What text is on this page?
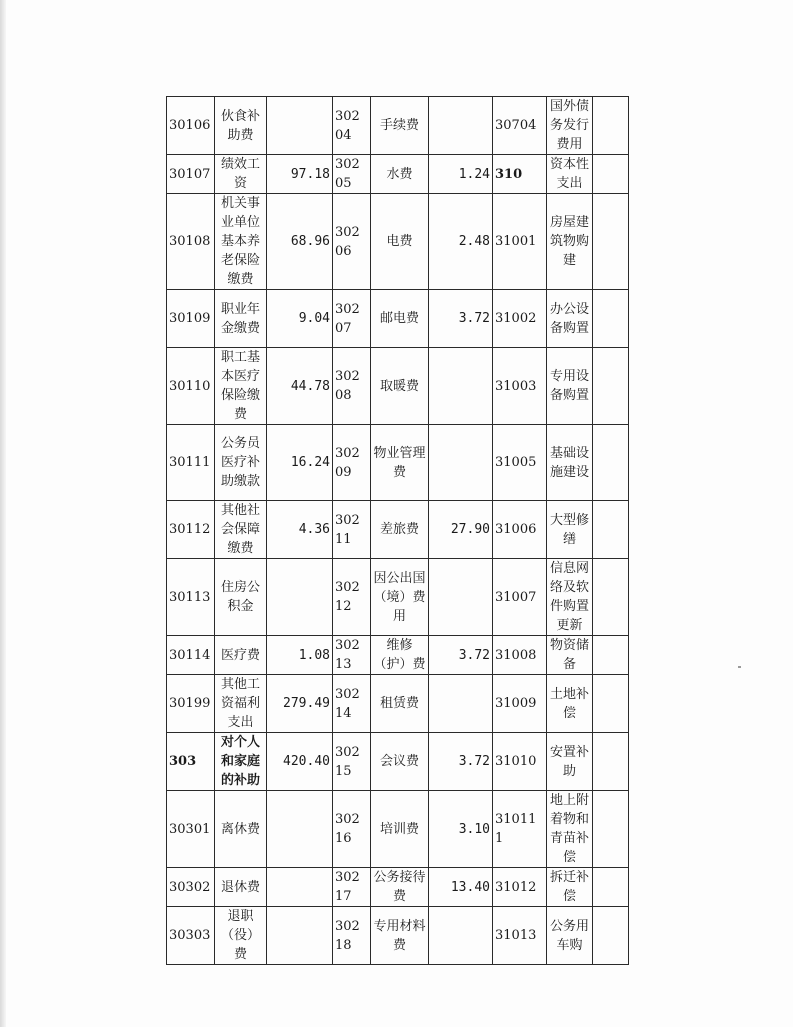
30106	伙食补助费		30204	手续费		30704	国外债务发行费用	
30107	绩效工资	97.18	30205	水费	1.24	310	资本性支出	
30108	机关事业单位基本养老保险缴费	68.96	30206	电费	2.48	31001	房屋建筑物购建	
30109	职业年金缴费	9.04	30207	邮电费	3.72	31002	办公设备购置	
30110	职工基本医疗保险缴费	44.78	30208	取暖费		31003	专用设备购置	
30111	公务员医疗补助缴款	16.24	30209	物业管理费		31005	基础设施建设	
30112	其他社会保障缴费	4.36	30211	差旅费	27.90	31006	大型修缮	
30113	住房公积金		30212	因公出国（境）费用		31007	信息网络及软件购置更新	
30114	医疗费	1.08	30213	维修（护）费	3.72	31008	物资储备	
30199	其他工资福利支出	279.49	30214	租赁费		31009	土地补偿	
303	对个人和家庭的补助	420.40	30215	会议费	3.72	31010	安置补助	
30301	离休费		30216	培训费	3.10	310111	地上附着物和青苗补偿	
30302	退休费		30217	公务接待费	13.40	31012	拆迁补偿	
30303	退职（役）费		30218	专用材料费		31013	公务用车购	
